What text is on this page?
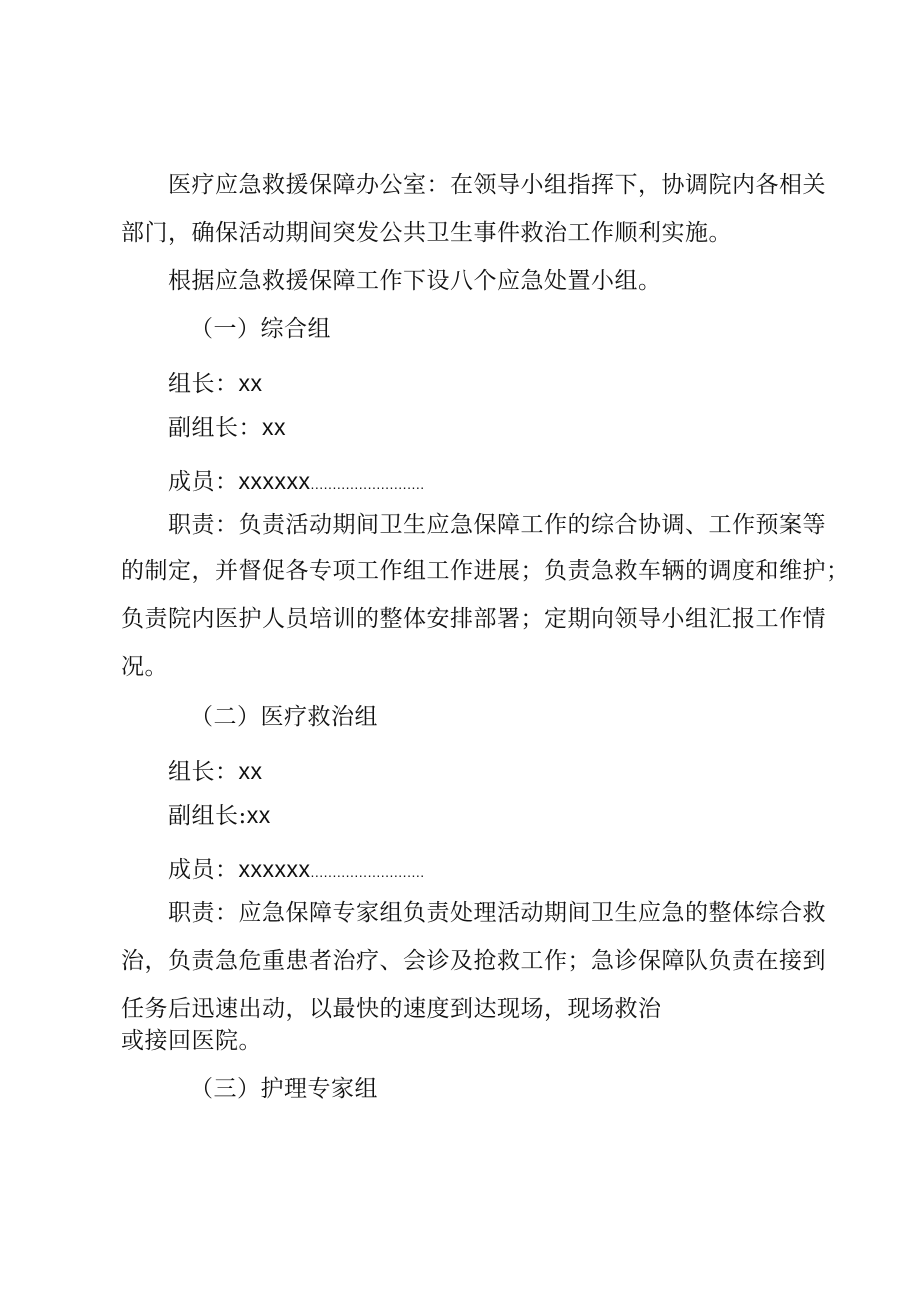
医疗应急救援保障办公室：在领导小组指挥下，协调院内各相关
部门，确保活动期间突发公共卫生事件救治工作顺利实施。
根据应急救援保障工作下设八个应急处置小组。
（一）综合组
组长：xx
副组长：xx
成员：xxxxxx..........................
职责：负责活动期间卫生应急保障工作的综合协调、工作预案等
的制定，并督促各专项工作组工作进展；负责急救车辆的调度和维护；
负责院内医护人员培训的整体安排部署；定期向领导小组汇报工作情
况。
（二）医疗救治组
组长：xx
副组长:xx
成员：xxxxxx..........................
职责：应急保障专家组负责处理活动期间卫生应急的整体综合救
治，负责急危重患者治疗、会诊及抢救工作；急诊保障队负责在接到
任务后迅速出动，以最快的速度到达现场，现场救治
或接回医院。
（三）护理专家组
